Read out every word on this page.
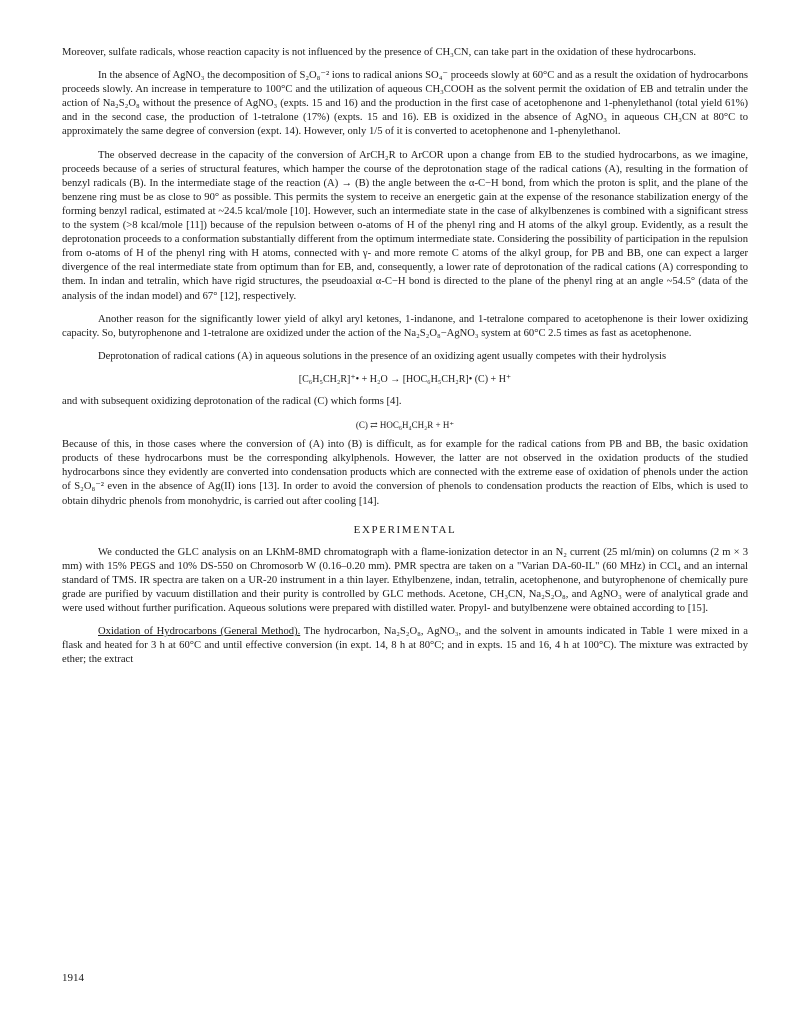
Moreover, sulfate radicals, whose reaction capacity is not influenced by the presence of CH₃CN, can take part in the oxidation of these hydrocarbons.

In the absence of AgNO₃ the decomposition of S₂O₈⁻² ions to radical anions SO₄⁻ proceeds slowly at 60°C and as a result the oxidation of hydrocarbons proceeds slowly. An increase in temperature to 100°C and the utilization of aqueous CH₃COOH as the solvent permit the oxidation of EB and tetralin under the action of Na₂S₂O₈ without the presence of AgNO₃ (expts. 15 and 16) and the production in the first case of acetophenone and 1-phenylethanol (total yield 61%) and in the second case, the production of 1-tetralone (17%) (expts. 15 and 16). EB is oxidized in the absence of AgNO₃ in aqueous CH₃CN at 80°C to approximately the same degree of conversion (expt. 14). However, only 1/5 of it is converted to acetophenone and 1-phenylethanol.

The observed decrease in the capacity of the conversion of ArCH₂R to ArCOR upon a change from EB to the studied hydrocarbons, as we imagine, proceeds because of a series of structural features, which hamper the course of the deprotonation stage of the radical cations (A), resulting in the formation of benzyl radicals (B). In the intermediate stage of the reaction (A) → (B) the angle between the α-C−H bond, from which the proton is split, and the plane of the benzene ring must be as close to 90° as possible. This permits the system to receive an energetic gain at the expense of the resonance stabilization energy of the forming benzyl radical, estimated at ~24.5 kcal/mole [10]. However, such an intermediate state in the case of alkylbenzenes is combined with a significant stress to the system (>8 kcal/mole [11]) because of the repulsion between o-atoms of H of the phenyl ring and H atoms of the alkyl group. Evidently, as a result the deprotonation proceeds to a conformation substantially different from the optimum intermediate state. Considering the possibility of participation in the repulsion from o-atoms of H of the phenyl ring with H atoms, connected with γ- and more remote C atoms of the alkyl group, for PB and BB, one can expect a larger divergence of the real intermediate state from optimum than for EB, and, consequently, a lower rate of deprotonation of the radical cations (A) corresponding to them. In indan and tetralin, which have rigid structures, the pseudoaxial α-C−H bond is directed to the plane of the phenyl ring at an angle ~54.5° (data of the analysis of the indan model) and 67° [12], respectively.

Another reason for the significantly lower yield of alkyl aryl ketones, 1-indanone, and 1-tetralone compared to acetophenone is their lower oxidizing capacity. So, butyrophenone and 1-tetralone are oxidized under the action of the Na₂S₂O₈−AgNO₃ system at 60°C 2.5 times as fast as acetophenone.

Deprotonation of radical cations (A) in aqueous solutions in the presence of an oxidizing agent usually competes with their hydrolysis

[C₆H₅CH₂R]⁺• + H₂O → [HOC₆H₅CH₂R]• (C) + H⁺

and with subsequent oxidizing deprotonation of the radical (C) which forms [4].

(C) ⇄ HOC₆H₄CH₂R + H⁺

Because of this, in those cases where the conversion of (A) into (B) is difficult, as for example for the radical cations from PB and BB, the basic oxidation products of these hydrocarbons must be the corresponding alkylphenols. However, the latter are not observed in the oxidation products of the studied hydrocarbons since they evidently are converted into condensation products which are connected with the extreme ease of oxidation of phenols under the action of S₂O₈⁻² even in the absence of Ag(II) ions [13]. In order to avoid the conversion of phenols to condensation products the reaction of Elbs, which is used to obtain dihydric phenols from monohydric, is carried out after cooling [14].

EXPERIMENTAL

We conducted the GLC analysis on an LKhM-8MD chromatograph with a flame-ionization detector in an N₂ current (25 ml/min) on columns (2 m × 3 mm) with 15% PEGS and 10% DS-550 on Chromosorb W (0.16–0.20 mm). PMR spectra are taken on a "Varian DA-60-IL" (60 MHz) in CCl₄ and an internal standard of TMS. IR spectra are taken on a UR-20 instrument in a thin layer. Ethylbenzene, indan, tetralin, acetophenone, and butyrophenone of chemically pure grade are purified by vacuum distillation and their purity is controlled by GLC methods. Acetone, CH₃CN, Na₂S₂O₈, and AgNO₃ were of analytical grade and were used without further purification. Aqueous solutions were prepared with distilled water. Propyl- and butylbenzene were obtained according to [15].

Oxidation of Hydrocarbons (General Method). The hydrocarbon, Na₂S₂O₈, AgNO₃, and the solvent in amounts indicated in Table 1 were mixed in a flask and heated for 3 h at 60°C and until effective conversion (in expt. 14, 8 h at 80°C; and in expts. 15 and 16, 4 h at 100°C). The mixture was extracted by ether; the extract

1914
